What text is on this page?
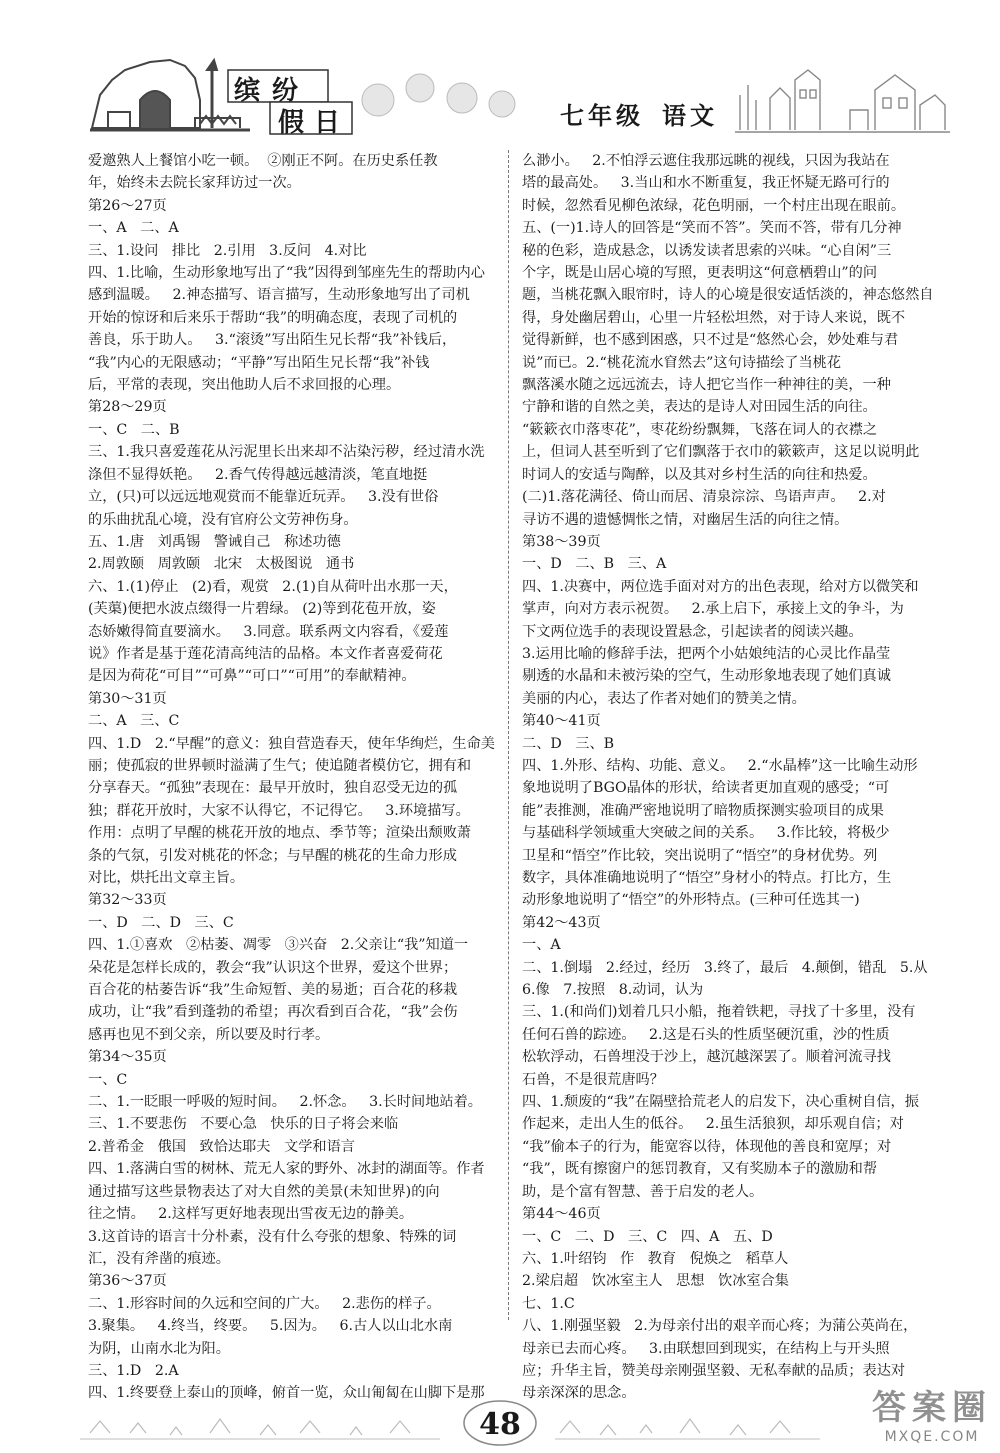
缤纷
假日	七年级 语文

爱邀熟人上餐馆小吃一顿。  ②刚正不阿。在历史系任教

年，始终未去院长家拜访过一次。

第26～27页

一、A   二、A

三、1.设问   排比   2.引用   3.反问   4.对比

四、1.比喻，生动形象地写出了“我”因得到邹座先生的帮助内心

感到温暖。   2.神态描写、语言描写，生动形象地写出了司机

开始的惊讶和后来乐于帮助“我”的明确态度，表现了司机的

善良，乐于助人。   3.“滚烫”写出陌生兄长帮“我”补钱后，

“我”内心的无限感动；“平静”写出陌生兄长帮“我”补钱

后，平常的表现，突出他助人后不求回报的心理。

第28～29页

一、C   二、B

三、1.我只喜爱莲花从污泥里长出来却不沾染污秽，经过清水洗

涤但不显得妖艳。   2.香气传得越远越清淡，笔直地挺

立，(只)可以远远地观赏而不能靠近玩弄。   3.没有世俗

的乐曲扰乱心境，没有官府公文劳神伤身。

五、1.唐   刘禹锡   警诫自己   称述功德

2.周敦颐   周敦颐   北宋   太极图说   通书

六、1.(1)停止   (2)看，观赏   2.(1)自从荷叶出水那一天，

(芙蕖)便把水波点缀得一片碧绿。 (2)等到花苞开放，姿

态娇嫩得简直要滴水。   3.同意。联系两文内容看，《爱莲

说》作者是基于莲花清高纯洁的品格。本文作者喜爱荷花

是因为荷花“可目”“可鼻”“可口”“可用”的奉献精神。

第30～31页

二、A   三、C

四、1.D   2.“早醒”的意义：独自营造春天，使年华绚烂，生命美

丽；使孤寂的世界顿时溢满了生气；使追随者模仿它，拥有和

分享春天。“孤独”表现在：最早开放时，独自忍受无边的孤

独；群花开放时，大家不认得它，不记得它。   3.环境描写。

作用：点明了早醒的桃花开放的地点、季节等；渲染出颓败萧

条的气氛，引发对桃花的怀念；与早醒的桃花的生命力形成

对比，烘托出文章主旨。

第32～33页

一、D   二、D   三、C

四、1.①喜欢   ②枯萎、凋零   ③兴奋   2.父亲让“我”知道一

朵花是怎样长成的，教会“我”认识这个世界，爱这个世界；

百合花的枯萎告诉“我”生命短暂、美的易逝；百合花的移栽

成功，让“我”看到蓬勃的希望；再次看到百合花，“我”会伤

感再也见不到父亲，所以要及时行孝。

第34～35页

一、C

二、1.一眨眼一呼吸的短时间。   2.怀念。   3.长时间地站着。

三、1.不要悲伤   不要心急   快乐的日子将会来临

2.普希金   俄国   致恰达耶夫   文学和语言

四、1.落满白雪的树林、荒无人家的野外、冰封的湖面等。作者

通过描写这些景物表达了对大自然的美景(未知世界)的向

往之情。   2.这样写更好地表现出雪夜无边的静美。

3.这首诗的语言十分朴素，没有什么夸张的想象、特殊的词

汇，没有斧凿的痕迹。

第36～37页

二、1.形容时间的久远和空间的广大。   2.悲伤的样子。

3.聚集。   4.终当，终要。   5.因为。   6.古人以山北水南

为阴，山南水北为阳。

三、1.D   2.A

四、1.终要登上泰山的顶峰，俯首一览，众山匍匐在山脚下是那

么渺小。   2.不怕浮云遮住我那远眺的视线，只因为我站在

塔的最高处。   3.当山和水不断重复，我正怀疑无路可行的

时候，忽然看见柳色浓绿，花色明丽，一个村庄出现在眼前。

五、(一)1.诗人的回答是“笑而不答”。笑而不答，带有几分神

秘的色彩，造成悬念，以诱发读者思索的兴味。“心自闲”三

个字，既是山居心境的写照，更表明这“何意栖碧山”的问

题，当桃花飘入眼帘时，诗人的心境是很安适恬淡的，神态悠然自

得，身处幽居碧山，心里一片轻松坦然，对于诗人来说，既不

觉得新鲜，也不感到困惑，只不过是“悠然心会，妙处难与君

说”而已。2.“桃花流水窅然去”这句诗描绘了当桃花

飘落溪水随之远远流去，诗人把它当作一种神往的美，一种

宁静和谐的自然之美，表达的是诗人对田园生活的向往。

“簌簌衣巾落枣花”，枣花纷纷飘舞，飞落在词人的衣襟之

上，但词人甚至听到了它们飘落于衣巾的簌簌声，这足以说明此

时词人的安适与陶醉，以及其对乡村生活的向往和热爱。

(二)1.落花满径、倚山而居、清泉淙淙、鸟语声声。   2.对

寻访不遇的遗憾惆怅之情，对幽居生活的向往之情。

第38～39页

一、D   二、B   三、A

四、1.决赛中，两位选手面对对方的出色表现，给对方以微笑和

掌声，向对方表示祝贺。   2.承上启下，承接上文的争斗，为

下文两位选手的表现设置悬念，引起读者的阅读兴趣。

3.运用比喻的修辞手法，把两个小姑娘纯洁的心灵比作晶莹

剔透的水晶和未被污染的空气，生动形象地表现了她们真诚

美丽的内心，表达了作者对她们的赞美之情。

第40～41页

二、D   三、B

四、1.外形、结构、功能、意义。   2.“水晶棒”这一比喻生动形

象地说明了BGO晶体的形状，给读者更加直观的感受；“可

能”表推测，准确严密地说明了暗物质探测实验项目的成果

与基础科学领域重大突破之间的关系。   3.作比较，将极少

卫星和“悟空”作比较，突出说明了“悟空”的身材优势。列

数字，具体准确地说明了“悟空”身材小的特点。打比方，生

动形象地说明了“悟空”的外形特点。(三种可任选其一)

第42～43页

一、A

二、1.倒塌   2.经过，经历   3.终了，最后   4.颠倒，错乱   5.从

6.像   7.按照   8.动词，认为

三、1.(和尚们)划着几只小船，拖着铁耙，寻找了十多里，没有

任何石兽的踪迹。   2.这是石头的性质坚硬沉重，沙的性质

松软浮动，石兽埋没于沙上，越沉越深罢了。顺着河流寻找

石兽，不是很荒唐吗？

四、1.颓废的“我”在隔壁拾荒老人的启发下，决心重树自信，振

作起来，走出人生的低谷。   2.虽生活狼狈，却乐观自信；对

“我”偷本子的行为，能宽容以待，体现他的善良和宽厚；对

“我”，既有擦窗户的惩罚教育，又有奖励本子的激励和帮

助，是个富有智慧、善于启发的老人。

第44～46页

一、C   二、D   三、C   四、A   五、D

六、1.叶绍钧   作   教育   倪焕之   稻草人

2.梁启超   饮冰室主人   思想   饮冰室合集

七、1.C

八、1.刚强坚毅   2.为母亲付出的艰辛而心疼；为蒲公英尚在，

母亲已去而心疼。   3.由联想回到现实，在结构上与开头照

应；升华主旨，赞美母亲刚强坚毅、无私奉献的品质；表达对

母亲深深的思念。	答案圈
MXQE.COM
48
